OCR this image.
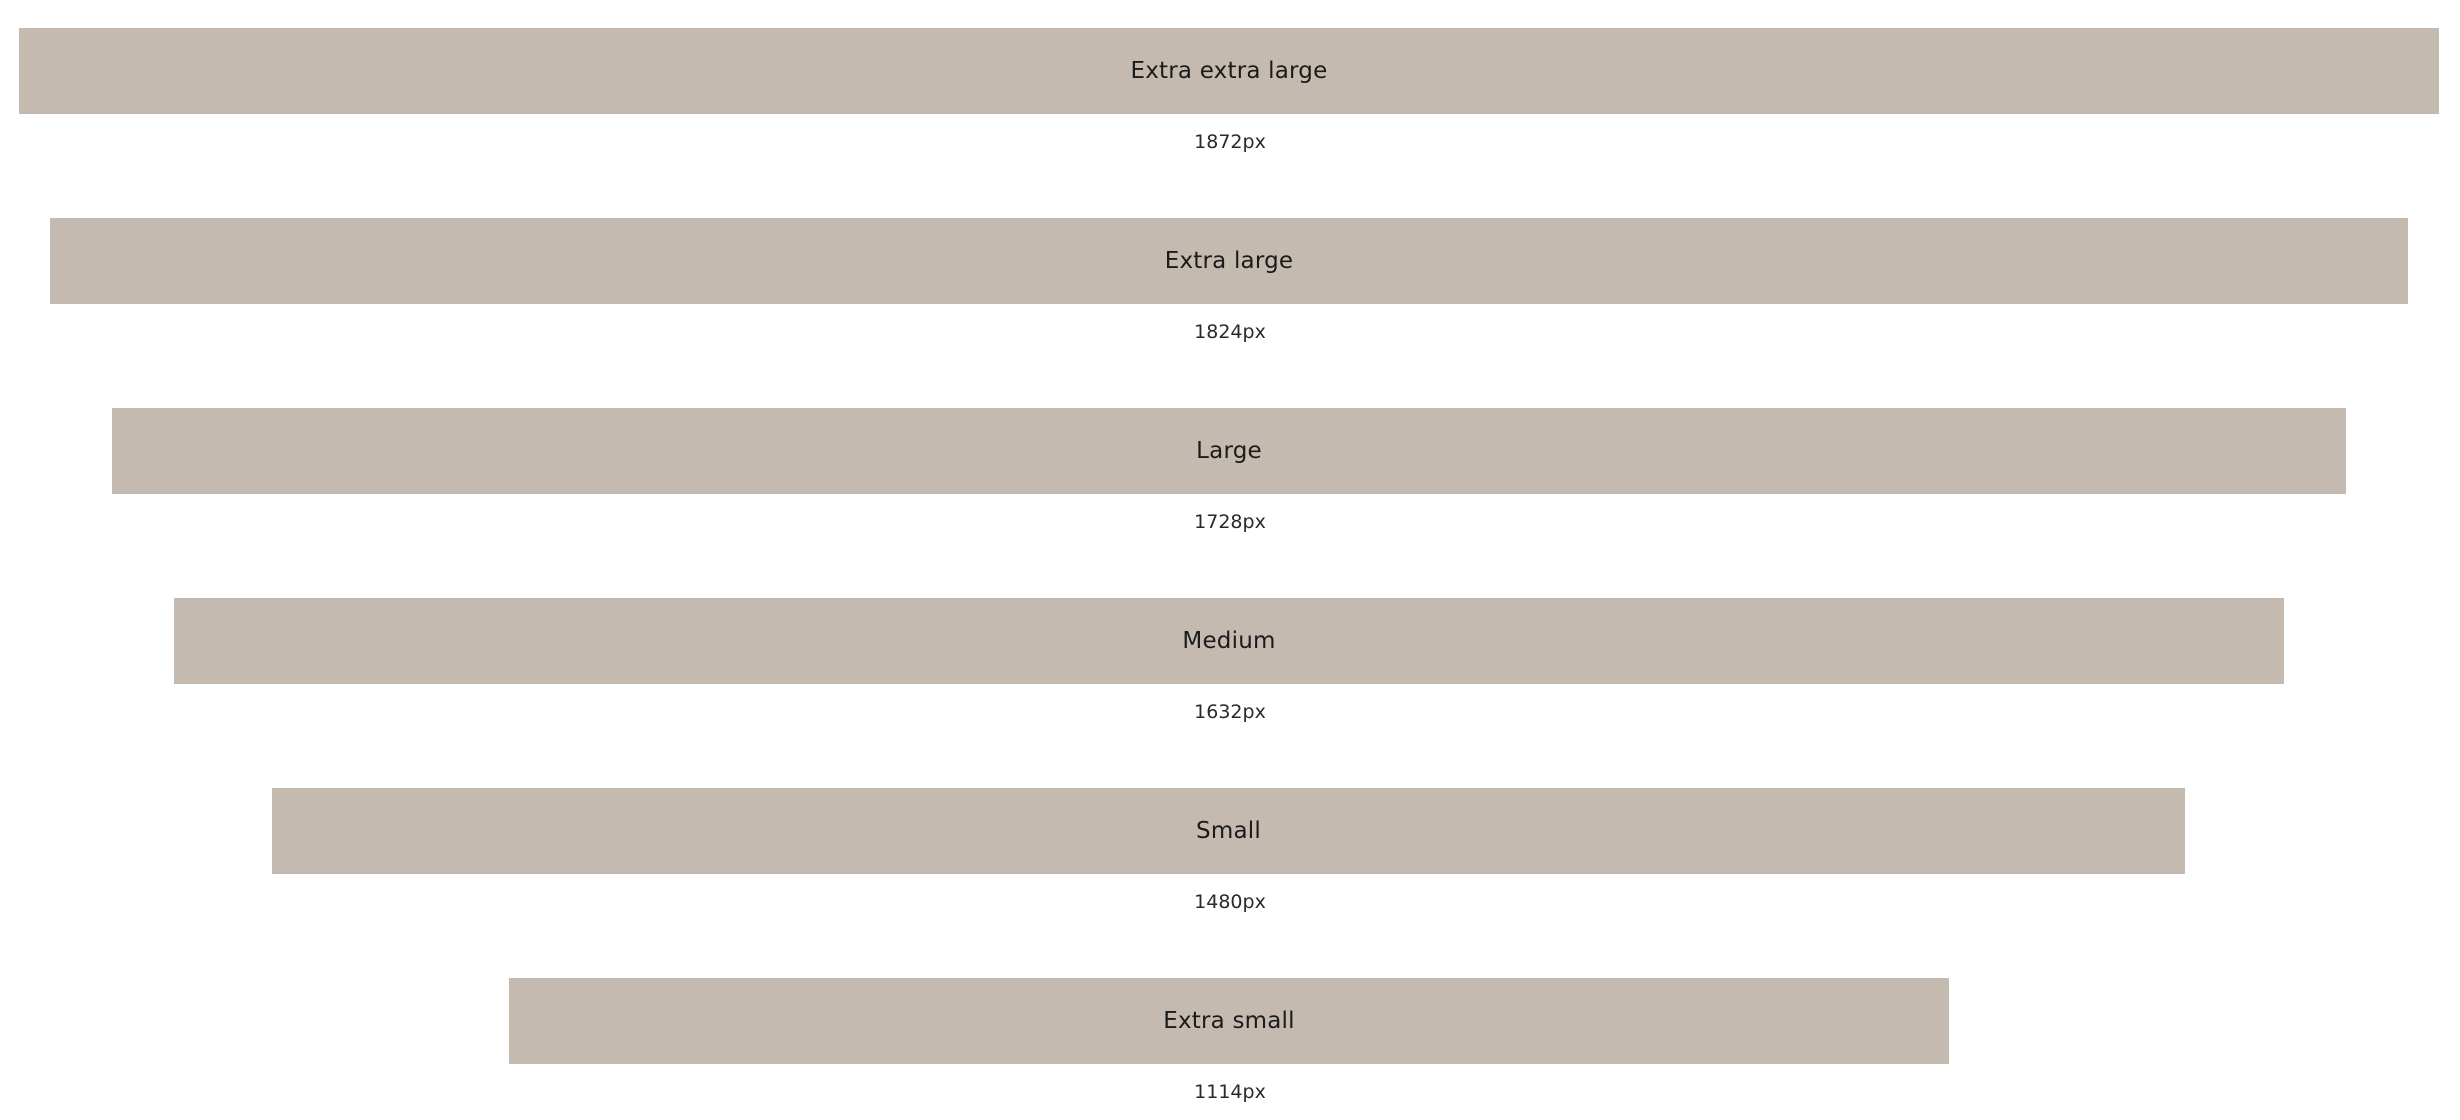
Extra extra large
1872px
Extra large
1824px
Large
1728px
Medium
1632px
Small
1480px
Extra small
1114px
